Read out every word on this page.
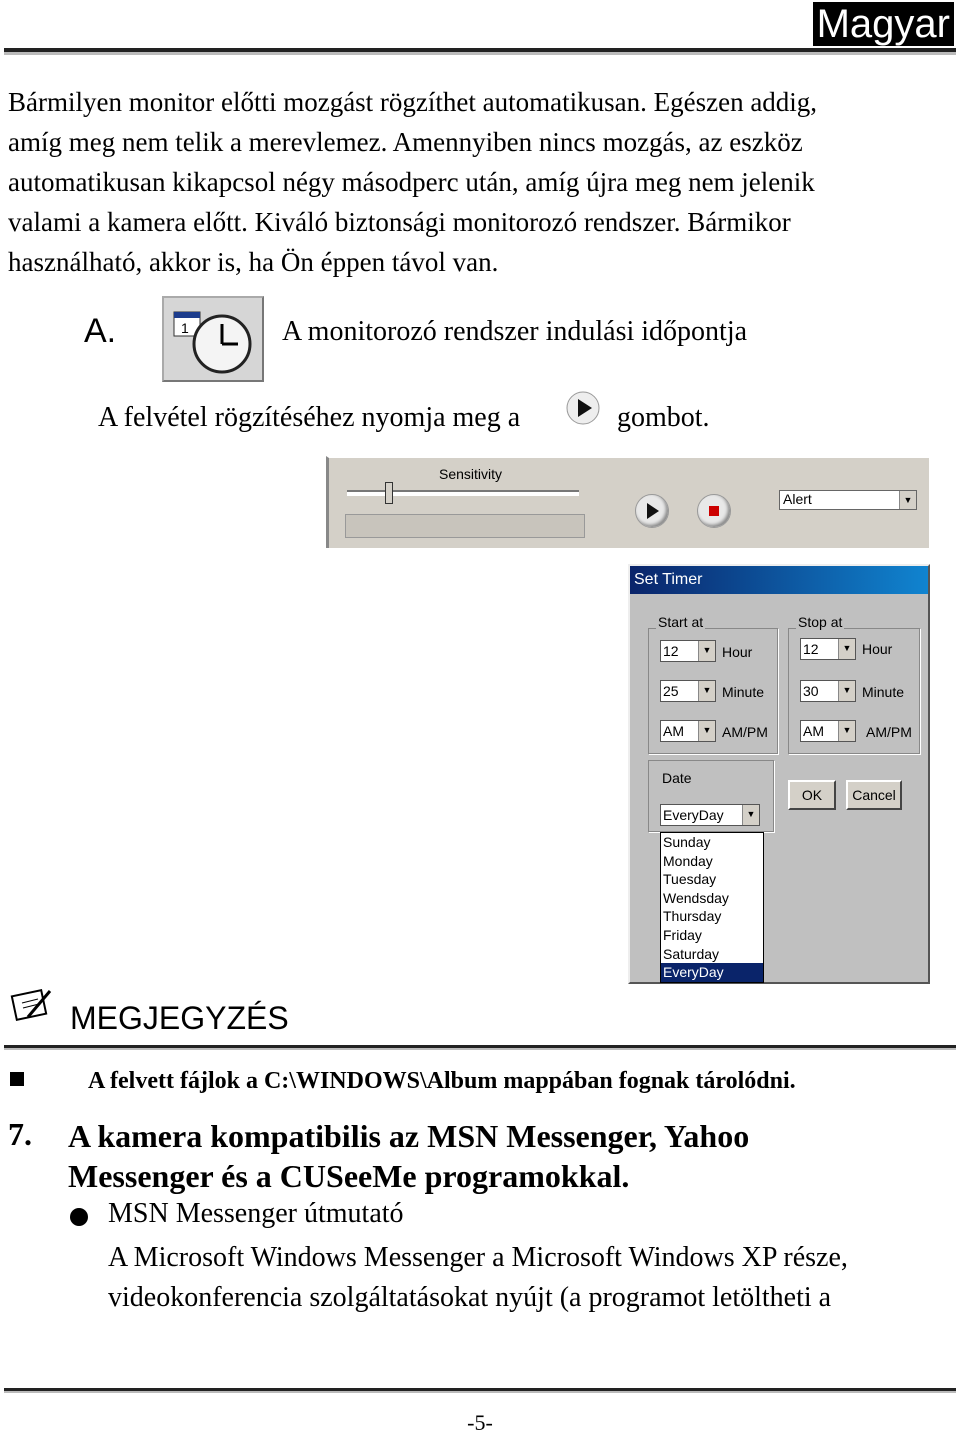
Magyar
Bármilyen monitor előtti mozgást rögzíthet automatikusan. Egészen addig,
amíg meg nem telik a merevlemez. Amennyiben nincs mozgás, az eszköz
automatikusan kikapcsol négy másodperc után, amíg újra meg nem jelenik
valami a kamera előtt. Kiváló biztonsági monitorozó rendszer. Bármikor
használható, akkor is, ha Ön éppen távol van.
A.	1	A monitorozó rendszer indulási időpontja
A felvétel rögzítéséhez nyomja meg a	gombot.
Sensitivity
Alert	▼
Set Timer
Start at
12	▼ Hour
25	▼ Minute
AM	▼ AM/PM
Stop at
12	▼ Hour
30	▼ Minute
AM	▼ AM/PM
Date
EveryDay	▼
OK	Cancel
Sunday
Monday
Tuesday
Wendsday
Thursday
Friday
Saturday
EveryDay
MEGJEGYZÉS
A felvett fájlok a C:\WINDOWS\Album mappában fognak tárolódni.
7. A kamera kompatibilis az MSN Messenger, Yahoo
Messenger és a CUSeeMe programokkal.
MSN Messenger útmutató
A Microsoft Windows Messenger a Microsoft Windows XP része,
videokonferencia szolgáltatásokat nyújt (a programot letöltheti a
-5-
